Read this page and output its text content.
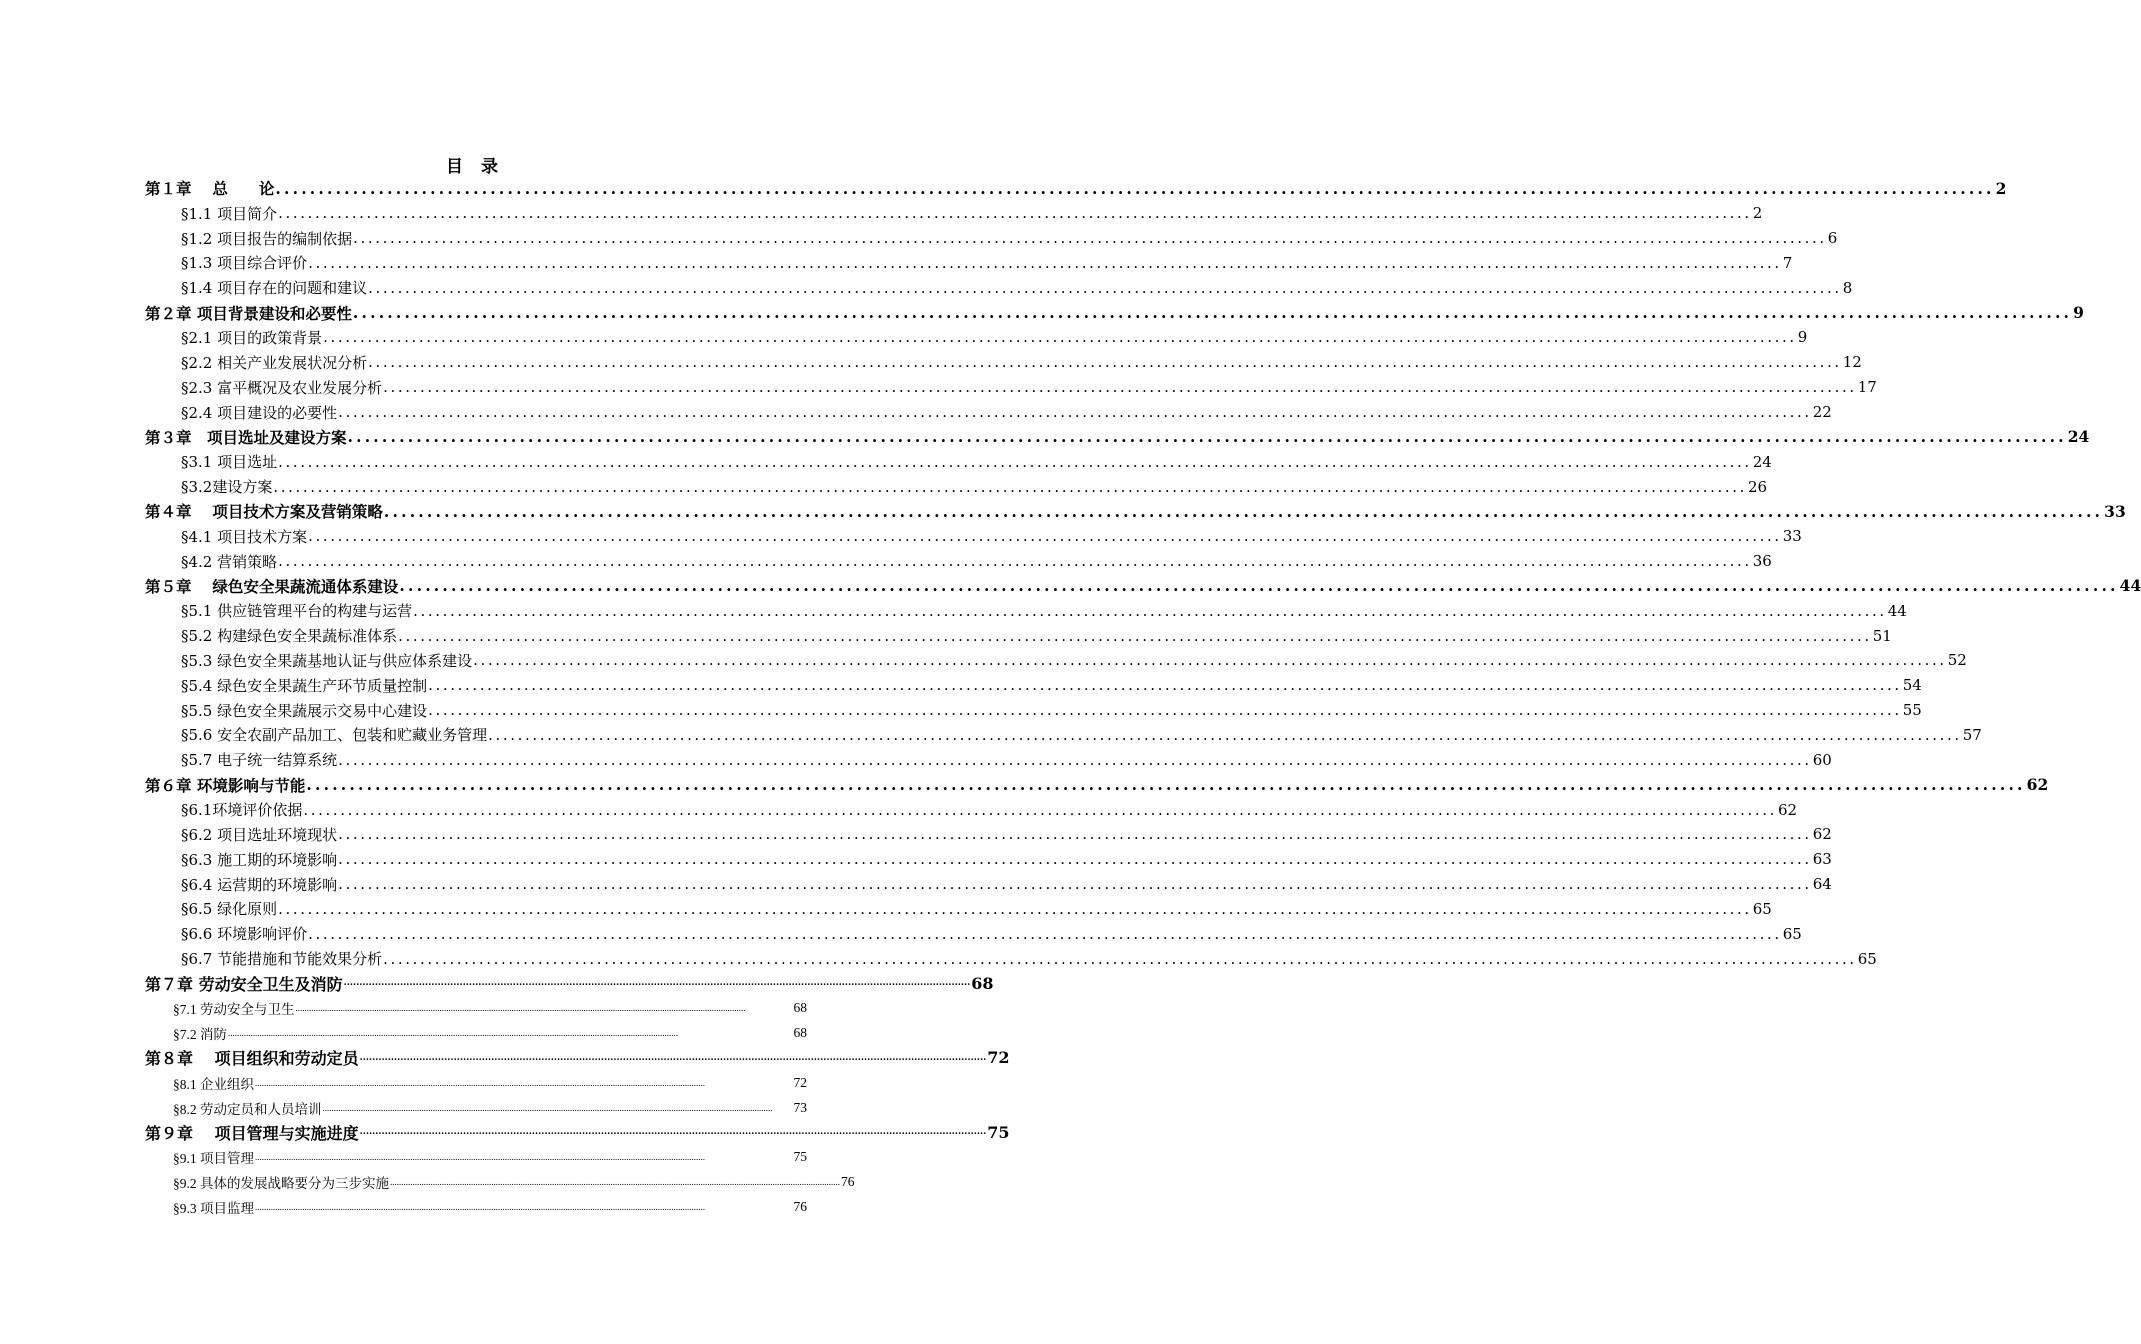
目 录
第１章　 总　　论 ........................................................................................................................................................................................................ 2
§1.1 项目简介 ........................................................................................................................................................................................................ 2
§1.2 项目报告的编制依据 ........................................................................................................................................................................................................ 6
§1.3 项目综合评价 ........................................................................................................................................................................................................ 7
§1.4 项目存在的问题和建议 ........................................................................................................................................................................................................ 8
第２章 项目背景建设和必要性 ........................................................................................................................................................................................................ 9
§2.1 项目的政策背景 ........................................................................................................................................................................................................ 9
§2.2 相关产业发展状况分析 ........................................................................................................................................................................................................ 12
§2.3 富平概况及农业发展分析 ........................................................................................................................................................................................................ 17
§2.4 项目建设的必要性 ........................................................................................................................................................................................................ 22
第３章　项目选址及建设方案 ........................................................................................................................................................................................................ 24
§3.1 项目选址 ........................................................................................................................................................................................................ 24
§3.2建设方案 ........................................................................................................................................................................................................ 26
第４章　 项目技术方案及营销策略 ........................................................................................................................................................................................................ 33
§4.1 项目技术方案 ........................................................................................................................................................................................................ 33
§4.2 营销策略 ........................................................................................................................................................................................................ 36
第５章　 绿色安全果蔬流通体系建设 ........................................................................................................................................................................................................ 44
§5.1 供应链管理平台的构建与运营 ........................................................................................................................................................................................................ 44
§5.2 构建绿色安全果蔬标准体系 ........................................................................................................................................................................................................ 51
§5.3 绿色安全果蔬基地认证与供应体系建设 ........................................................................................................................................................................................................ 52
§5.4 绿色安全果蔬生产环节质量控制 ........................................................................................................................................................................................................ 54
§5.5 绿色安全果蔬展示交易中心建设 ........................................................................................................................................................................................................ 55
§5.6 安全农副产品加工、包装和贮藏业务管理 ........................................................................................................................................................................................................ 57
§5.7 电子统一结算系统 ........................................................................................................................................................................................................ 60
第６章 环境影响与节能 ........................................................................................................................................................................................................ 62
§6.1环境评价依据 ........................................................................................................................................................................................................ 62
§6.2 项目选址环境现状 ........................................................................................................................................................................................................ 62
§6.3 施工期的环境影响 ........................................................................................................................................................................................................ 63
§6.4 运营期的环境影响 ........................................................................................................................................................................................................ 64
§6.5 绿化原则 ........................................................................................................................................................................................................ 65
§6.6 环境影响评价 ........................................................................................................................................................................................................ 65
§6.7 节能措施和节能效果分析 ........................................................................................................................................................................................................ 65
第７章 劳动安全卫生及消防 ........................................................................................................................................................................................................ 68
§7.1 劳动安全与卫生 ........................................................................................................................................................................................................	68
§7.2 消防 ........................................................................................................................................................................................................	68
第８章　 项目组织和劳动定员 ........................................................................................................................................................................................................ 72
§8.1 企业组织 ........................................................................................................................................................................................................	72
§8.2 劳动定员和人员培训 ........................................................................................................................................................................................................	73
第９章　 项目管理与实施进度 ........................................................................................................................................................................................................ 75
§9.1 项目管理 ........................................................................................................................................................................................................	75
§9.2 具体的发展战略要分为三步实施 ........................................................................................................................................................................................................ 76
§9.3 项目监理 ........................................................................................................................................................................................................	76
